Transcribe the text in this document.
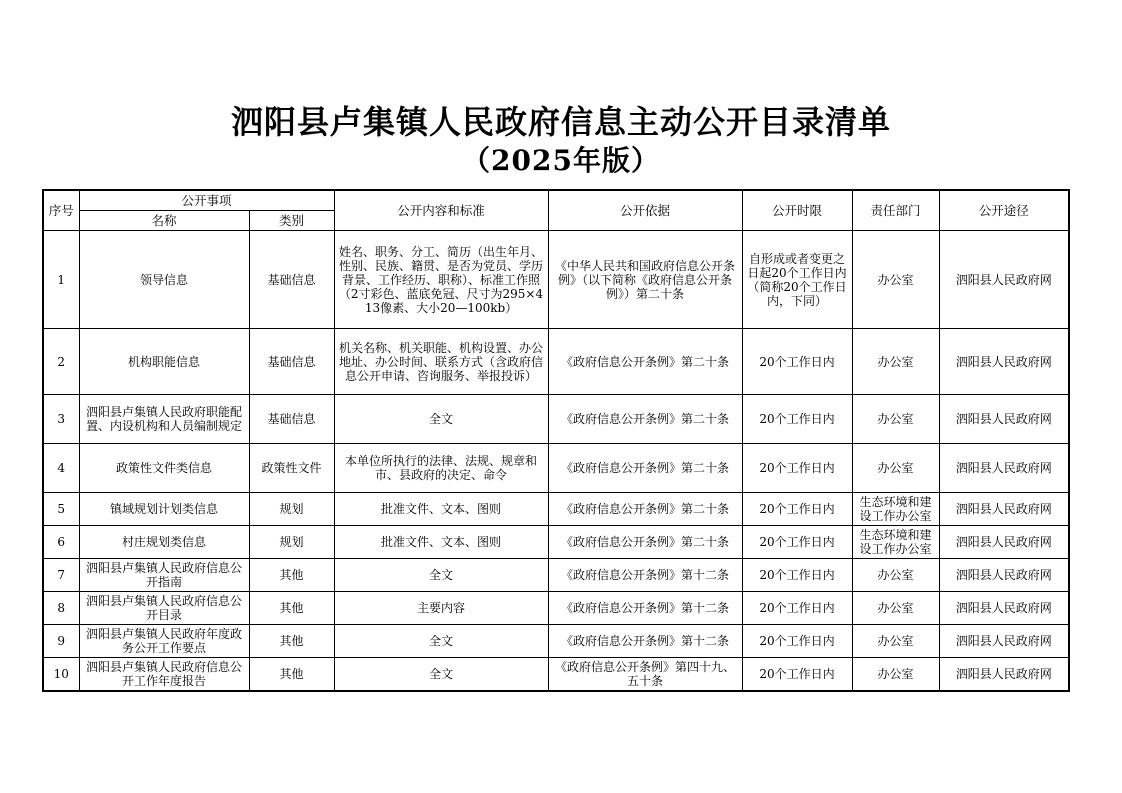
泗阳县卢集镇人民政府信息主动公开目录清单
（2025年版）
序号	公开事项		公开内容和标准	公开依据	公开时限	责任部门	公开途径
	名称	类别					
1	领导信息	基础信息	姓名、职务、分工、简历（出生年月、性别、民族、籍贯、是否为党员、学历背景、工作经历、职称）、标准工作照（2寸彩色、蓝底免冠、尺寸为295×413像素、大小20—100kb）	《中华人民共和国政府信息公开条例》（以下简称《政府信息公开条例》）第二十条	自形成或者变更之日起20个工作日内（简称20个工作日内，下同）	办公室	泗阳县人民政府网
2	机构职能信息	基础信息	机关名称、机关职能、机构设置、办公地址、办公时间、联系方式（含政府信息公开申请、咨询服务、举报投诉）	《政府信息公开条例》第二十条	20个工作日内	办公室	泗阳县人民政府网
3	泗阳县卢集镇人民政府职能配置、内设机构和人员编制规定	基础信息	全文	《政府信息公开条例》第二十条	20个工作日内	办公室	泗阳县人民政府网
4	政策性文件类信息	政策性文件	本单位所执行的法律、法规、规章和市、县政府的决定、命令	《政府信息公开条例》第二十条	20个工作日内	办公室	泗阳县人民政府网
5	镇域规划计划类信息	规划	批准文件、文本、图则	《政府信息公开条例》第二十条	20个工作日内	生态环境和建设工作办公室	泗阳县人民政府网
6	村庄规划类信息	规划	批准文件、文本、图则	《政府信息公开条例》第二十条	20个工作日内	生态环境和建设工作办公室	泗阳县人民政府网
7	泗阳县卢集镇人民政府信息公开指南	其他	全文	《政府信息公开条例》第十二条	20个工作日内	办公室	泗阳县人民政府网
8	泗阳县卢集镇人民政府信息公开目录	其他	主要内容	《政府信息公开条例》第十二条	20个工作日内	办公室	泗阳县人民政府网
9	泗阳县卢集镇人民政府年度政务公开工作要点	其他	全文	《政府信息公开条例》第十二条	20个工作日内	办公室	泗阳县人民政府网
10	泗阳县卢集镇人民政府信息公开工作年度报告	其他	全文	《政府信息公开条例》第四十九、五十条	20个工作日内	办公室	泗阳县人民政府网
